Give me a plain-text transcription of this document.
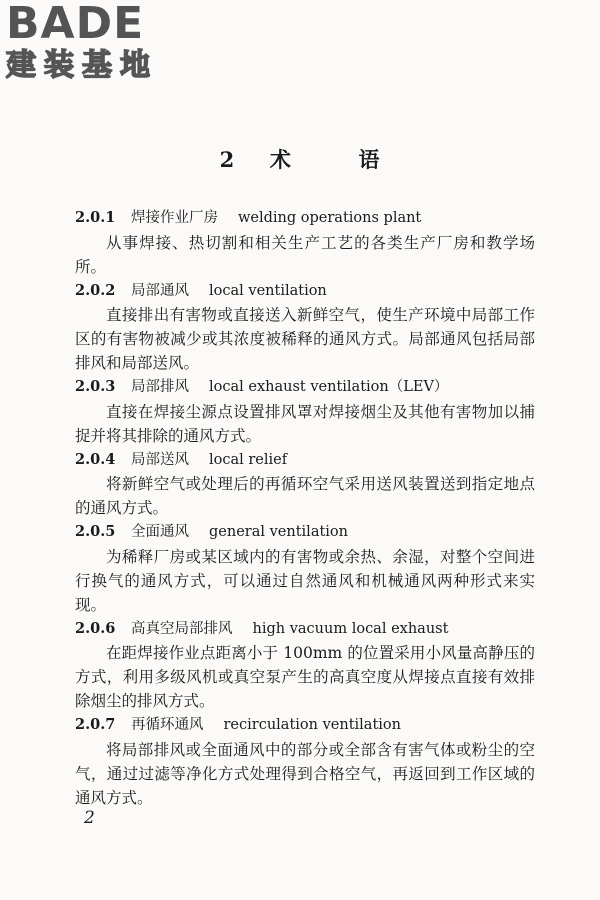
BADE
建装基地
2 术	语
2.0.1 焊接作业厂房 welding operations plant

从事焊接、热切割和相关生产工艺的各类生产厂房和教学场所。

2.0.2 局部通风 local ventilation

直接排出有害物或直接送入新鲜空气，使生产环境中局部工作区的有害物被减少或其浓度被稀释的通风方式。局部通风包括局部排风和局部送风。

2.0.3 局部排风 local exhaust ventilation（LEV）

直接在焊接尘源点设置排风罩对焊接烟尘及其他有害物加以捕捉并将其排除的通风方式。

2.0.4 局部送风 local relief

将新鲜空气或处理后的再循环空气采用送风装置送到指定地点的通风方式。

2.0.5 全面通风 general ventilation

为稀释厂房或某区域内的有害物或余热、余湿，对整个空间进行换气的通风方式，可以通过自然通风和机械通风两种形式来实现。

2.0.6 高真空局部排风 high vacuum local exhaust

在距焊接作业点距离小于 100mm 的位置采用小风量高静压的方式，利用多级风机或真空泵产生的高真空度从焊接点直接有效排除烟尘的排风方式。

2.0.7 再循环通风 recirculation ventilation

将局部排风或全面通风中的部分或全部含有害气体或粉尘的空气，通过过滤等净化方式处理得到合格空气，再返回到工作区域的通风方式。

2
